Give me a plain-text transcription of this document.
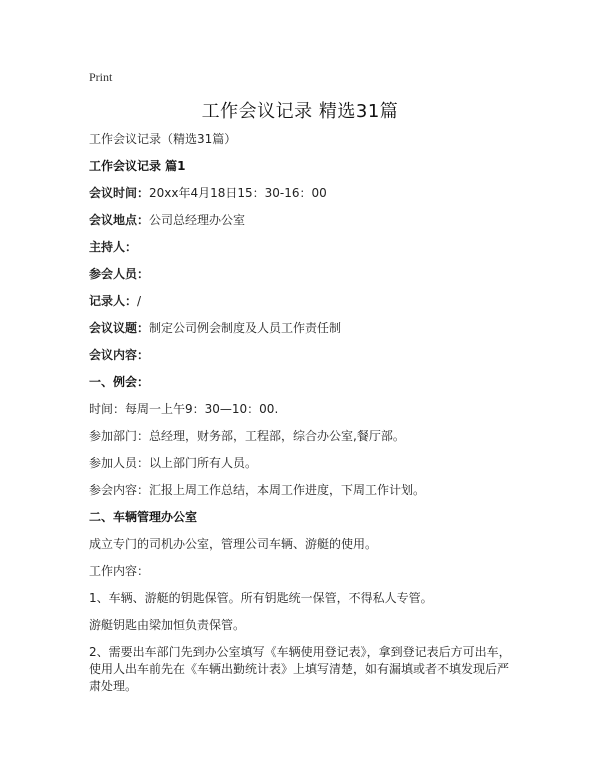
Print
工作会议记录 精选31篇

工作会议记录（精选31篇）

工作会议记录 篇1

会议时间：20xx年4月18日15：30-16：00

会议地点：公司总经理办公室

主持人：

参会人员：

记录人：/

会议议题：制定公司例会制度及人员工作责任制

会议内容：

一、例会：

时间：每周一上午9：30—10：00.

参加部门：总经理，财务部，工程部，综合办公室,餐厅部。

参加人员：以上部门所有人员。

参会内容：汇报上周工作总结，本周工作进度，下周工作计划。

二、车辆管理办公室

成立专门的司机办公室，管理公司车辆、游艇的使用。

工作内容：

1、车辆、游艇的钥匙保管。所有钥匙统一保管，不得私人专管。

游艇钥匙由梁加恒负责保管。

2、需要出车部门先到办公室填写《车辆使用登记表》，拿到登记表后方可出车，使用人出车前先在《车辆出勤统计表》上填写清楚，如有漏填或者不填发现后严肃处理。
